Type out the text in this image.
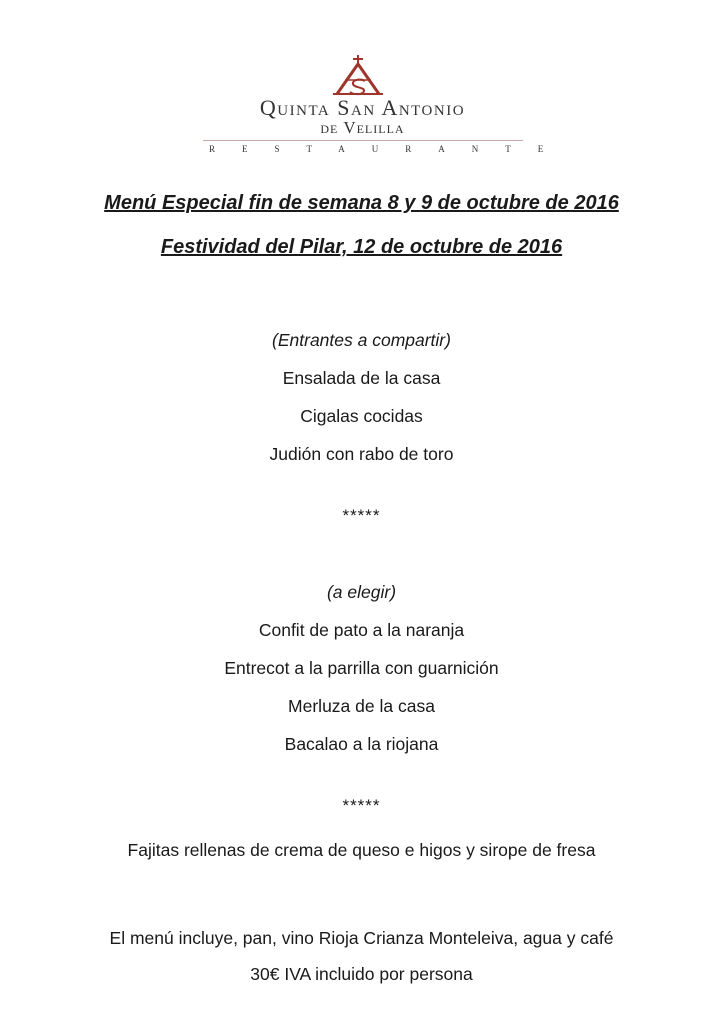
Quinta San Antonio
de Velilla
RESTAURANTE
Menú Especial fin de semana 8 y 9 de octubre de 2016
Festividad del Pilar, 12 de octubre de 2016
(Entrantes a compartir)
Ensalada de la casa
Cigalas cocidas
Judión con rabo de toro
*****
(a elegir)
Confit de pato a la naranja
Entrecot a la parrilla con guarnición
Merluza de la casa
Bacalao a la riojana
*****
Fajitas rellenas de crema de queso e higos y sirope de fresa
El menú incluye, pan, vino Rioja Crianza Monteleiva, agua y café
30€ IVA incluido por persona
